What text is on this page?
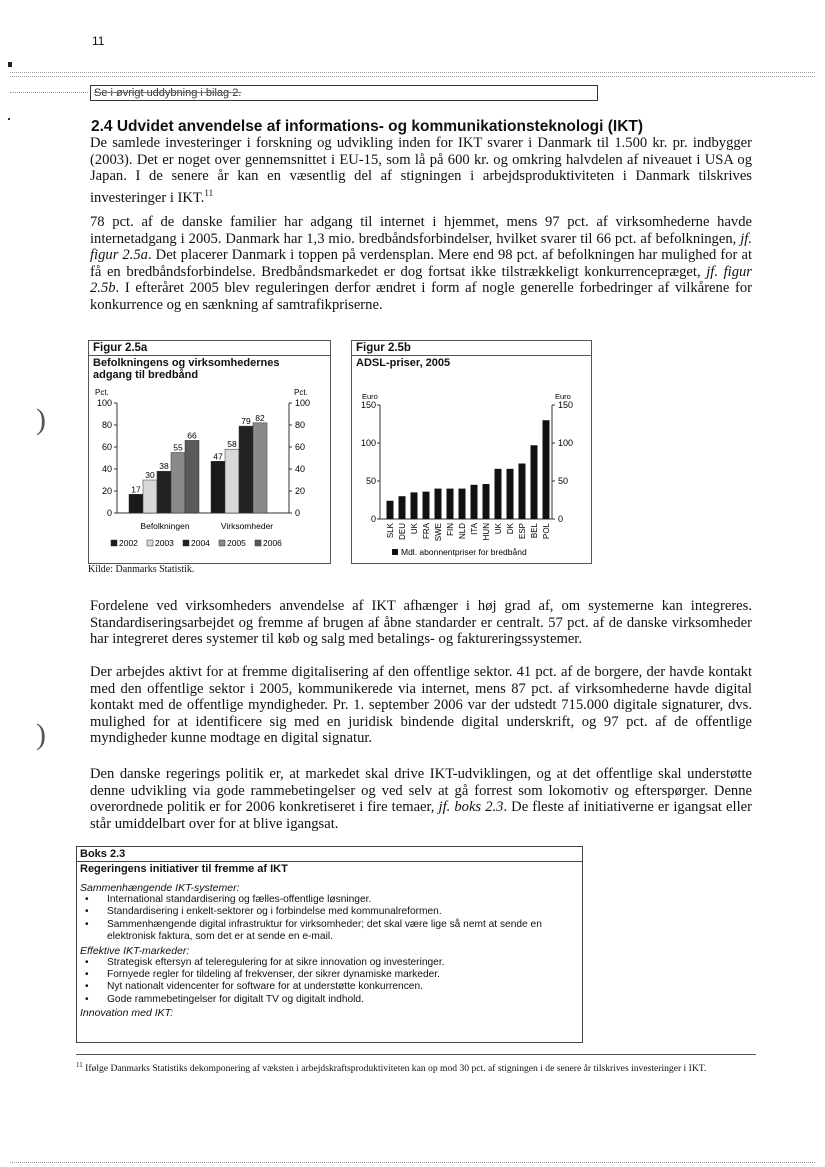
11
Se i øvrigt uddybning i bilag 2.
2.4 Udvidet anvendelse af informations- og kommunikationsteknologi (IKT)
De samlede investeringer i forskning og udvikling inden for IKT svarer i Danmark til 1.500 kr. pr. indbygger (2003). Det er noget over gennemsnittet i EU-15, som lå på 600 kr. og omkring halvdelen af niveauet i USA og Japan. I de senere år kan en væsentlig del af stigningen i arbejdsproduktiviteten i Danmark tilskrives investeringer i IKT.$^{11}$
78 pct. af de danske familier har adgang til internet i hjemmet, mens 97 pct. af virksomhederne havde internetadgang i 2005. Danmark har 1,3 mio. bredbåndsforbindelser, hvilket svarer til 66 pct. af befolkningen, jf. figur 2.5a. Det placerer Danmark i toppen på verdensplan. Mere end 98 pct. af befolkningen har mulighed for at få en bredbåndsforbindelse. Bredbåndsmarkedet er dog fortsat ikke tilstrækkeligt konkurrencepræget, jf. figur 2.5b. I efteråret 2005 blev reguleringen derfor ændret i form af nogle generelle forbedringer af vilkårene for konkurrence og en sænkning af samtrafikpriserne.
Figur 2.5a
Befolkningens og virksomhedernes adgang til bredbånd
Pct.	Pct.
0	0
20	20
40	40
60	60
80	80
100	100
17
30
38
55
66
Befolkningen
47
58
79 82
Virksomheder
2002 2003 2004 2005 2006
Kilde: Danmarks Statistik.
Figur 2.5b
ADSL-priser, 2005
Euro	Euro
0	0
50	50
100	100
150	150
SLK DEU UK FRA SWE FIN NLD ITA HUN UK DK ESP BEL POL
Mdl. abonnentpriser for bredbånd
)
Fordelene ved virksomheders anvendelse af IKT afhænger i høj grad af, om systemerne kan integreres. Standardiseringsarbejdet og fremme af brugen af åbne standarder er centralt. 57 pct. af de danske virksomheder har integreret deres systemer til køb og salg med betalings- og faktureringssystemer.
Der arbejdes aktivt for at fremme digitalisering af den offentlige sektor. 41 pct. af de borgere, der havde kontakt med den offentlige sektor i 2005, kommunikerede via internet, mens 87 pct. af virksomhederne havde digital kontakt med de offentlige myndigheder. Pr. 1. september 2006 var der udstedt 715.000 digitale signaturer, dvs. mulighed for at identificere sig med en juridisk bindende digital underskrift, og 97 pct. af de offentlige myndigheder kunne modtage en digital signatur.
)
Den danske regerings politik er, at markedet skal drive IKT-udviklingen, og at det offentlige skal understøtte denne udvikling via gode rammebetingelser og ved selv at gå forrest som lokomotiv og efterspørger. Denne overordnede politik er for 2006 konkretiseret i fire temaer, jf. boks 2.3. De fleste af initiativerne er igangsat eller står umiddelbart over for at blive igangsat.
Boks 2.3
Regeringens initiativer til fremme af IKT
Sammenhængende IKT-systemer:
• International standardisering og fælles-offentlige løsninger.
• Standardisering i enkelt-sektorer og i forbindelse med kommunalreformen.
• Sammenhængende digital infrastruktur for virksomheder; det skal være lige så nemt at sende en elektronisk faktura, som det er at sende en e-mail.
Effektive IKT-markeder:
• Strategisk eftersyn af teleregulering for at sikre innovation og investeringer.
• Fornyede regler for tildeling af frekvenser, der sikrer dynamiske markeder.
• Nyt nationalt videncenter for software for at understøtte konkurrencen.
• Gode rammebetingelser for digitalt TV og digitalt indhold.
Innovation med IKT:
$^{11}$ Ifølge Danmarks Statistiks dekomponering af væksten i arbejdskraftsproduktiviteten kan op mod 30 pct. af stigningen i de senere år tilskrives investeringer i IKT.
